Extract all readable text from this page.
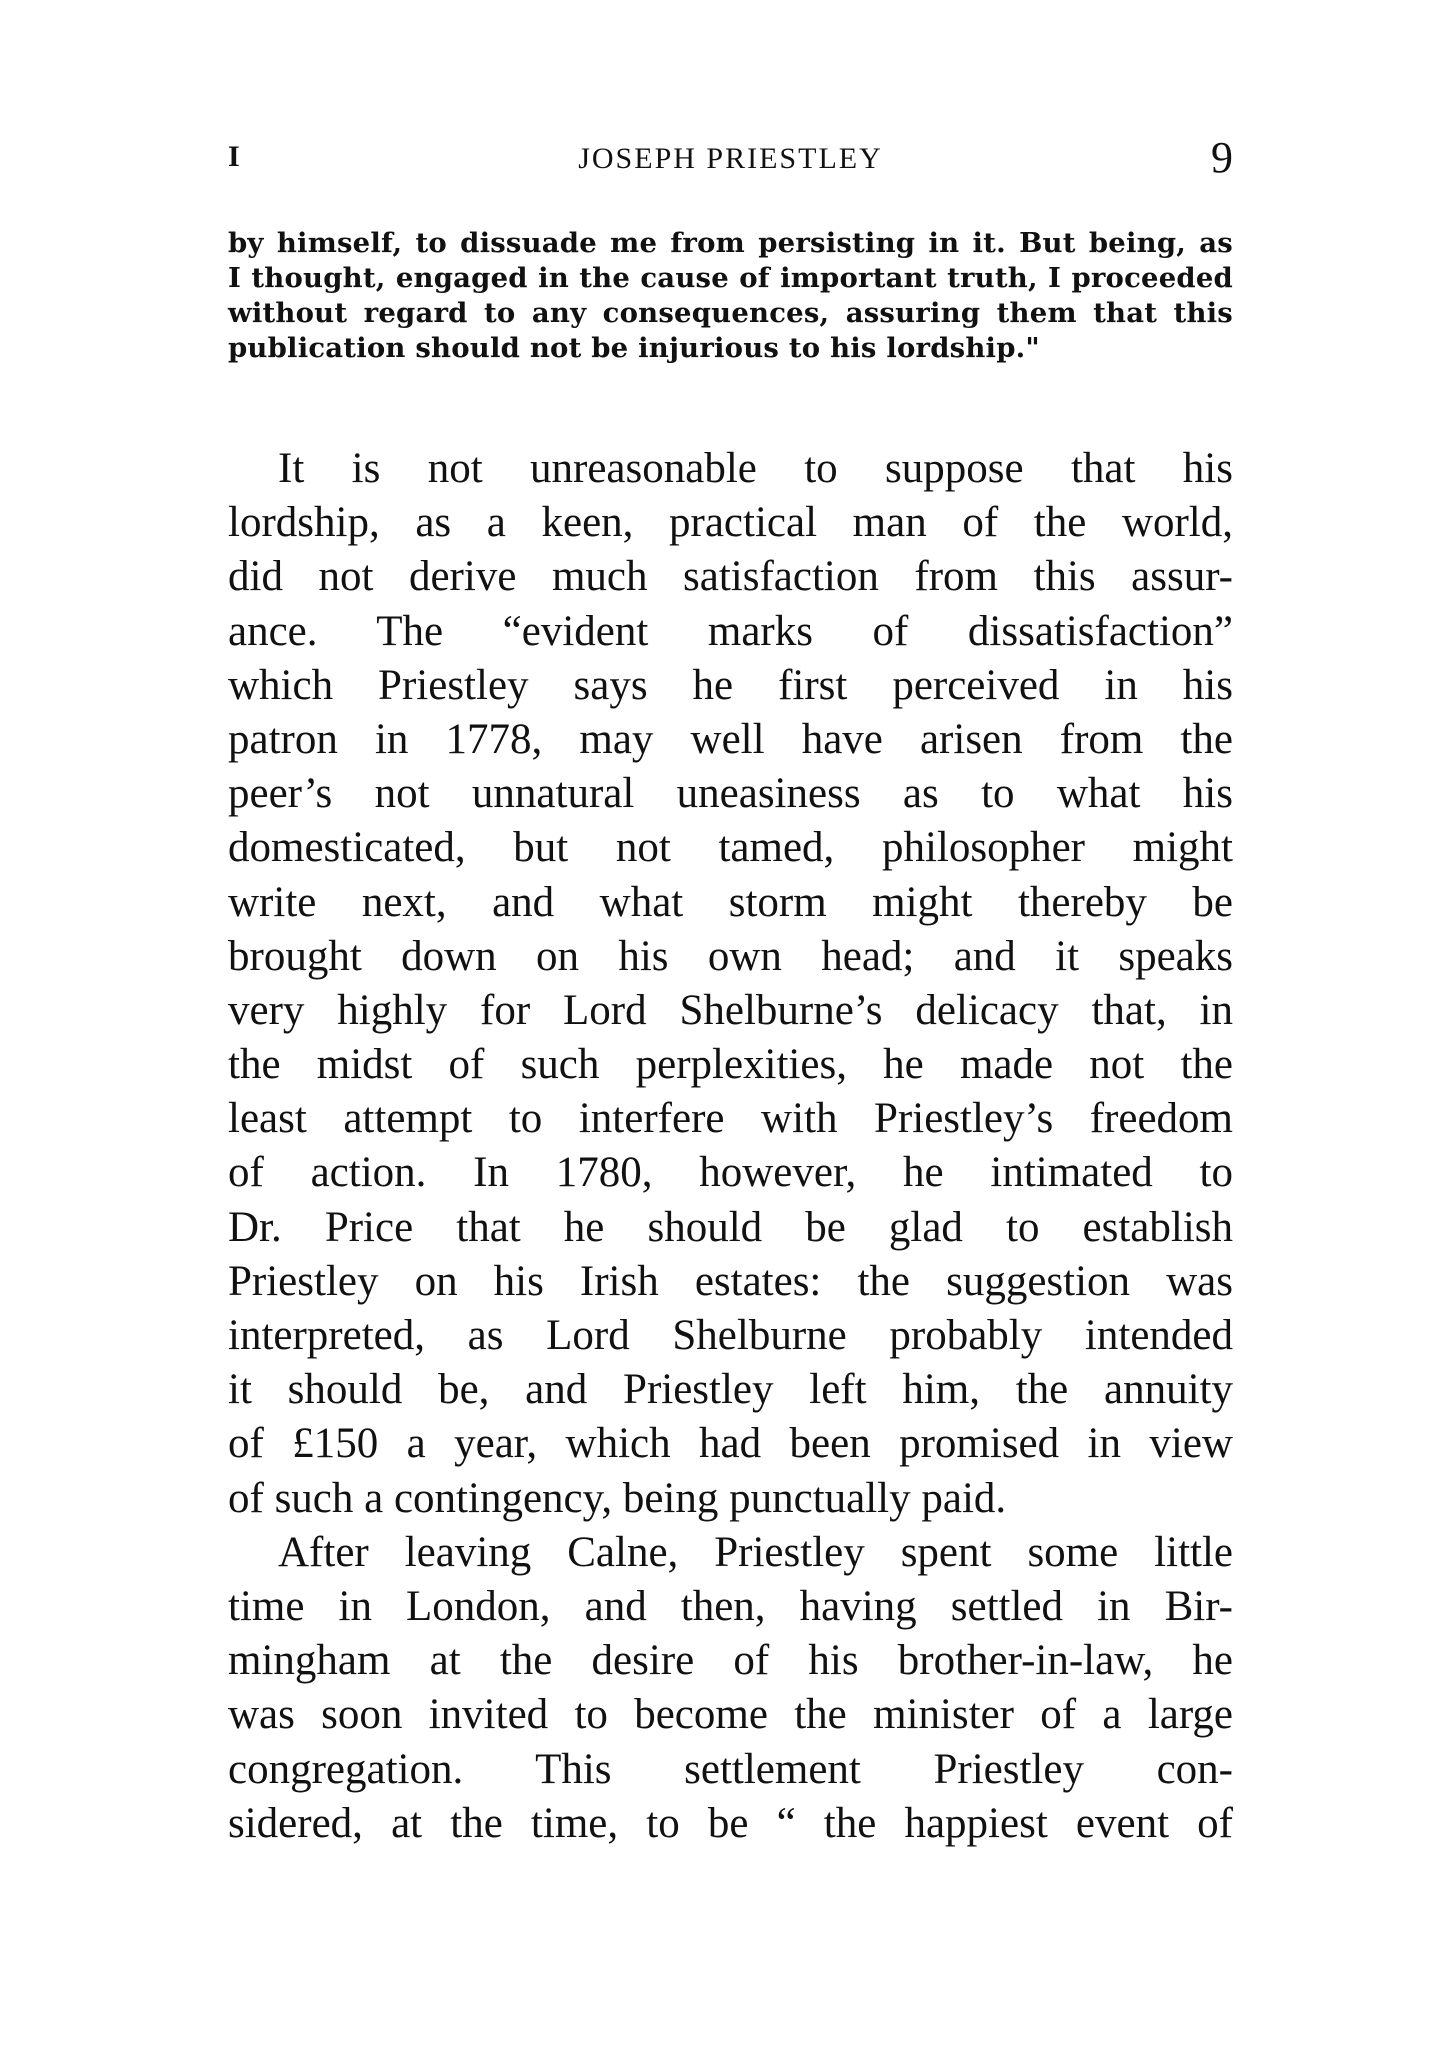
I	JOSEPH PRIESTLEY	9
by himself, to dissuade me from persisting in it. But being, as
I thought, engaged in the cause of important truth, I proceeded
without regard to any consequences, assuring them that this
publication should not be injurious to his lordship."
It is not unreasonable to suppose that his
lordship, as a keen, practical man of the world,
did not derive much satisfaction from this assur-
ance. The “evident marks of dissatisfaction”
which Priestley says he first perceived in his
patron in 1778, may well have arisen from the
peer’s not unnatural uneasiness as to what his
domesticated, but not tamed, philosopher might
write next, and what storm might thereby be
brought down on his own head; and it speaks
very highly for Lord Shelburne’s delicacy that, in
the midst of such perplexities, he made not the
least attempt to interfere with Priestley’s freedom
of action. In 1780, however, he intimated to
Dr. Price that he should be glad to establish
Priestley on his Irish estates: the suggestion was
interpreted, as Lord Shelburne probably intended
it should be, and Priestley left him, the annuity
of £150 a year, which had been promised in view
of such a contingency, being punctually paid.
After leaving Calne, Priestley spent some little
time in London, and then, having settled in Bir-
mingham at the desire of his brother-in-law, he
was soon invited to become the minister of a large
congregation. This settlement Priestley con-
sidered, at the time, to be “ the happiest event of
